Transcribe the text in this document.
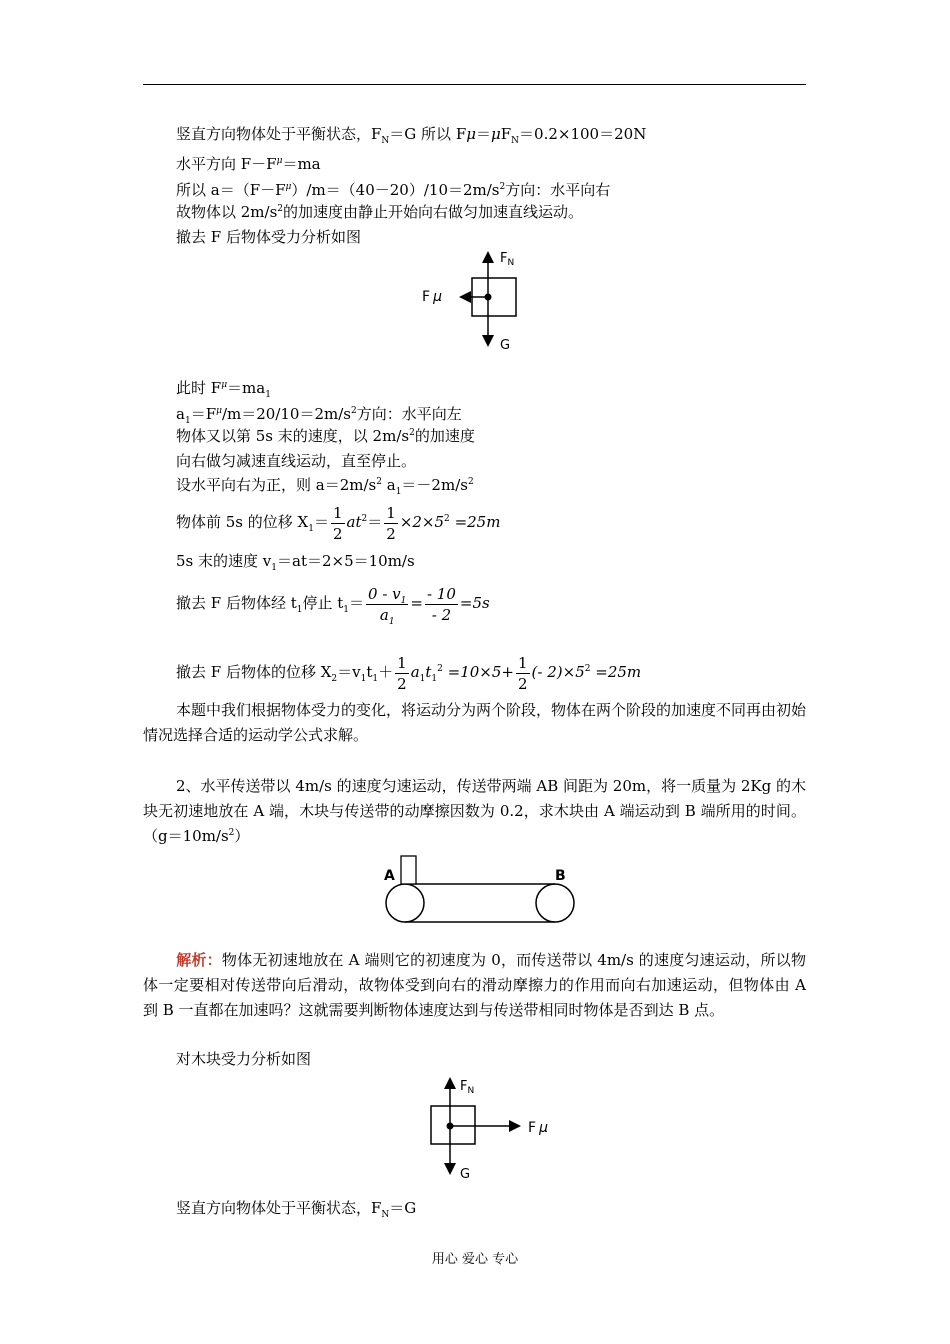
竖直方向物体处于平衡状态，$F_N=G$ 所以 $F\mu=\mu F_N=0.2\times 100=20N$
水平方向 $F-F^\mu=ma$
所以 $a=(F-F^\mu)/m=(40-20)/10=2m/s^2$方向：水平向右
故物体以 $2m/s^2$的加速度由静止开始向右做匀加速直线运动。
撤去 F 后物体受力分析如图
$F_N$
F μ
G
此时 $F^\mu=ma_1$
$a_1=F^\mu/m=20/10=2m/s^2$方向：水平向左
物体又以第 5s 末的速度，以 $2m/s^2$的加速度
向右做匀减速直线运动，直至停止。
设水平向右为正，则 $a=2m/s^2$ $a_1=-2m/s^2$
物体前 5s 的位移 $X_1= \frac{1}{2} at^2= \frac{1}{2} \times 2\times 5^2 =25m$
5s 末的速度 $v_1=at=2\times 5=10m/s$
撤去 F 后物体经 $t_1$停止 $t_1= \frac{0 - v_1}{a_1} = \frac{- 10}{- 2} =5s$
撤去 F 后物体的位移 $X_2=v_1t_1+ \frac{1}{2} a_1t_1^2 =10\times 5+ \frac{1}{2}$ (- $2)\times 5^2 =25m$
本题中我们根据物体受力的变化，将运动分为两个阶段，物体在两个阶段的加速度不同再由初始情况选择合适的运动学公式求解。
2、水平传送带以 4m/s 的速度匀速运动，传送带两端 AB 间距为 20m，将一质量为 2Kg 的木块无初速地放在 A 端，木块与传送带的动摩擦因数为 0.2，求木块由 A 端运动到 B 端所用的时间。$(g=10m/s^2)$
A	B
解析：物体无初速地放在 A 端则它的初速度为 0，而传送带以 4m/s 的速度匀速运动，所以物体一定要相对传送带向后滑动，故物体受到向右的滑动摩擦力的作用而向右加速运动，但物体由 A 到 B 一直都在加速吗？这就需要判断物体速度达到与传送带相同时物体是否到达 B 点。
对木块受力分析如图
$F_N$
F μ
G
竖直方向物体处于平衡状态，$F_N=G$
用心 爱心 专心
